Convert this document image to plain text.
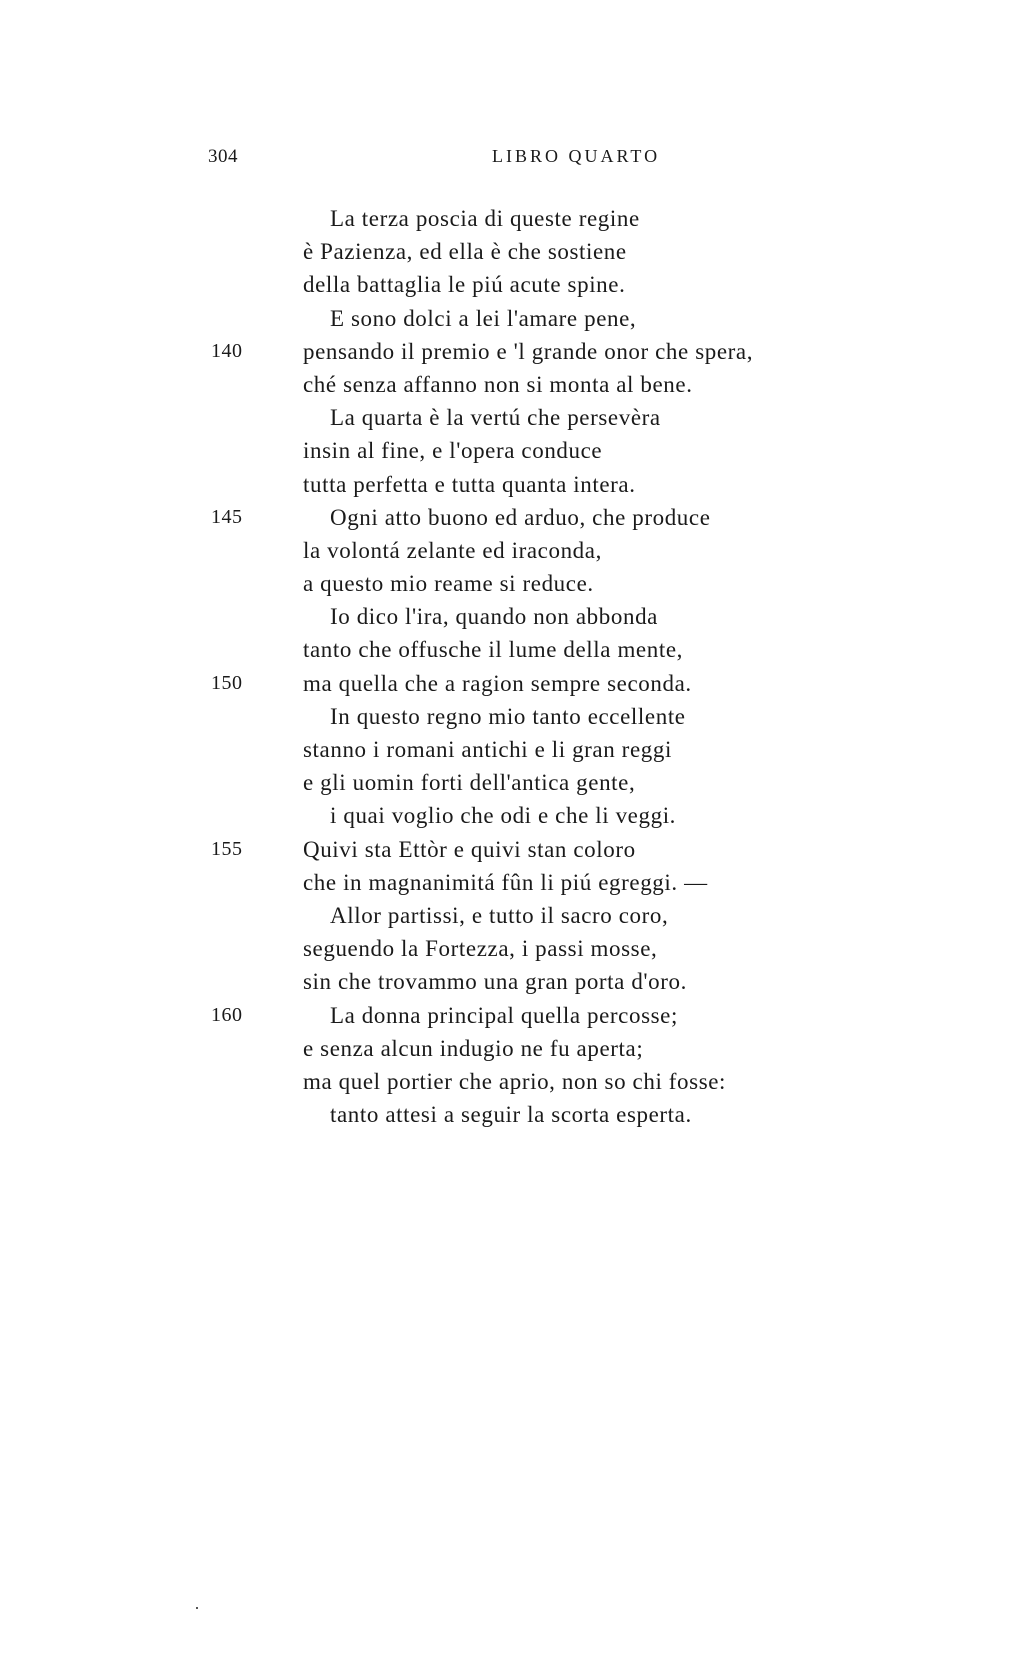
304	LIBRO QUARTO
La terza poscia di queste regine
è Pazienza, ed ella è che sostiene
della battaglia le piú acute spine.
E sono dolci a lei l'amare pene,
140	pensando il premio e 'l grande onor che spera,
ché senza affanno non si monta al bene.
La quarta è la vertú che persevèra
insin al fine, e l'opera conduce
tutta perfetta e tutta quanta intera.
145	Ogni atto buono ed arduo, che produce
la volontá zelante ed iraconda,
a questo mio reame si reduce.
Io dico l'ira, quando non abbonda
tanto che offusche il lume della mente,
150	ma quella che a ragion sempre seconda.
In questo regno mio tanto eccellente
stanno i romani antichi e li gran reggi
e gli uomin forti dell'antica gente,
i quai voglio che odi e che li veggi.
155	Quivi sta Ettòr e quivi stan coloro
che in magnanimitá fûn li piú egreggi. —
Allor partissi, e tutto il sacro coro,
seguendo la Fortezza, i passi mosse,
sin che trovammo una gran porta d'oro.
160	La donna principal quella percosse;
e senza alcun indugio ne fu aperta;
ma quel portier che aprio, non so chi fosse:
tanto attesi a seguir la scorta esperta.
